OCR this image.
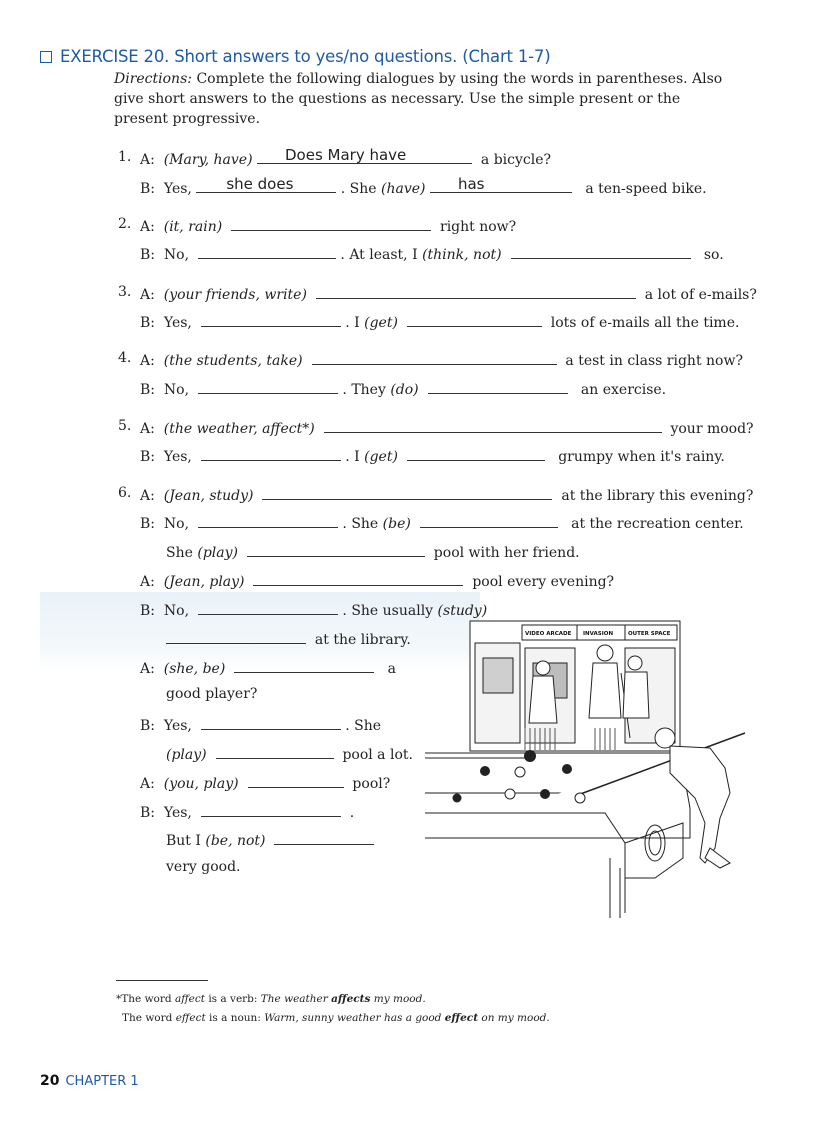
EXERCISE 20. Short answers to yes/no questions. (Chart 1-7)
Directions: Complete the following dialogues by using the words in parentheses. Also give short answers to the questions as necessary. Use the simple present or the present progressive.
1. A: (Mary, have) Does Mary have	a bicycle?
B: Yes, she does	. She (have) has	a ten-speed bike.
2. A: (it, rain)	right now?
B: No,	. At least, I (think, not)	so.
3. A: (your friends, write)	a lot of e-mails?
B: Yes,	. I (get)	lots of e-mails all the time.
4. A: (the students, take)	a test in class right now?
B: No,	. They (do)	an exercise.
5. A: (the weather, affect*)	your mood?
B: Yes,	. I (get)	grumpy when it's rainy.
6. A: (Jean, study)	at the library this evening?
B: No,	. She (be)	at the recreation center.
She (play)	pool with her friend.
A: (Jean, play)	pool every evening?
B: No,	. She usually (study)
at the library.
A: (she, be)	a
good player?
B: Yes,	. She
(play)	pool a lot.
A: (you, play)	pool?
B: Yes,	.
But I (be, not)
very good.
VIDEO ARCADE INVASION	OUTER SPACE
*The word affect is a verb: The weather affects my mood.
The word effect is a noun: Warm, sunny weather has a good effect on my mood.
20 CHAPTER 1
